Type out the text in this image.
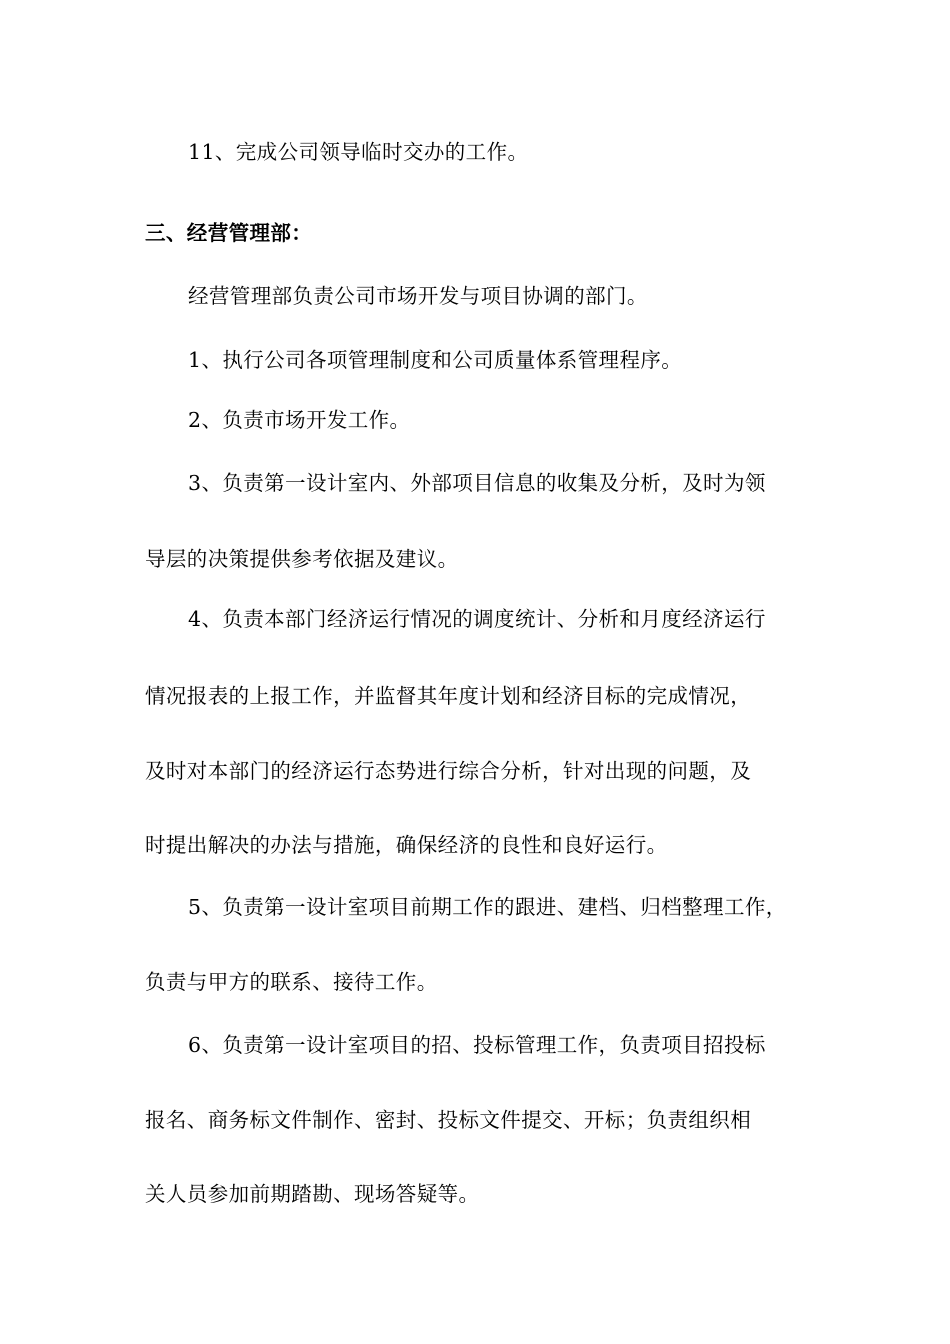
11、完成公司领导临时交办的工作。
三、经营管理部：
经营管理部负责公司市场开发与项目协调的部门。
1、执行公司各项管理制度和公司质量体系管理程序。
2、负责市场开发工作。
3、负责第一设计室内、外部项目信息的收集及分析，及时为领
导层的决策提供参考依据及建议。
4、负责本部门经济运行情况的调度统计、分析和月度经济运行
情况报表的上报工作，并监督其年度计划和经济目标的完成情况，
及时对本部门的经济运行态势进行综合分析，针对出现的问题，及
时提出解决的办法与措施，确保经济的良性和良好运行。
5、负责第一设计室项目前期工作的跟进、建档、归档整理工作，
负责与甲方的联系、接待工作。
6、负责第一设计室项目的招、投标管理工作，负责项目招投标
报名、商务标文件制作、密封、投标文件提交、开标；负责组织相
关人员参加前期踏勘、现场答疑等。
